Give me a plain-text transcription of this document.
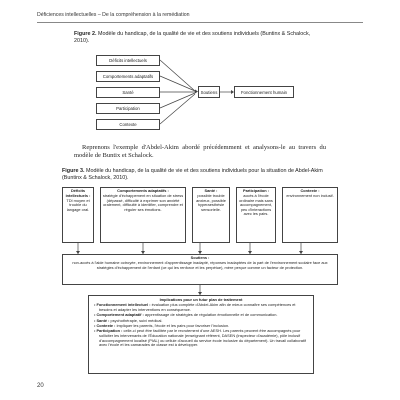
Déficiences intellectuelles – De la compréhension à la remédiation
Figure 2. Modèle du handicap, de la qualité de vie et des soutiens individuels (Buntinx & Schalock, 2010).
Déficits intellectuels
Comportements adaptatifs
Santé
Participation
Contexte
Soutiens	Fonctionnement humain
Reprenons l'exemple d'Abdel-Akim abordé précédemment et analysons-le au travers du modèle de Buntix et Schalock.
Figure 3. Modèle du handicap, de la qualité de vie et des soutiens individuels pour la situation de Abdel-Akim (Buntinx & Schalock, 2010).
Déficits intellectuels :
TDI moyen et trouble du langage oral.
Comportements adaptatifs :
stratégie d'échappement en situation de stress (dépassé, difficulté à exprimer son anxiété oralement, difficulté à identifier, comprendre et réguler ses émotions.
Santé :
possible trouble anxieux, possible hyperaesthésie sensorielle.
Participation :
accès à l'école ordinaire mais sans accompagnement, peu d'interactions avec les pairs.
Contexte :
environnement non inclusif.
Soutiens :
non-accès à l'aide humaine octroyée, environnement d'apprentissage inadapté, réponses inadaptées de la part de l'environnement scolaire face aux stratégies d'échappement de l'enfant (ce qui les renforce et les perpétue), mère perçue comme un facteur de protection.
Implications pour un futur plan de traitement
• Fonctionnement intellectuel : évaluation plus complète d'Abdel-Akim afin de mieux connaître ses compétences et besoins et adapter les interventions en conséquence.
• Comportement adaptatif : apprentissage de stratégies de régulation émotionnelle et de communication.
• Santé : psychothérapie, suivi médical.
• Contexte : impliquer les parents, l'école et les pairs pour favoriser l'inclusion.
• Participation : celle-ci peut être facilitée par le recrutement d'une AESH. Les parents peuvent être accompagnés pour solliciter les intervenants de l'Éducation nationale (enseignant référent, DASEN (inspecteur d'académie), pôle inclusif d'accompagnement localisé (PIAL) ou cellule d'accueil du service école inclusive du département). Un travail collaboratif avec l'école et les camarades de classe est à développer.
20
